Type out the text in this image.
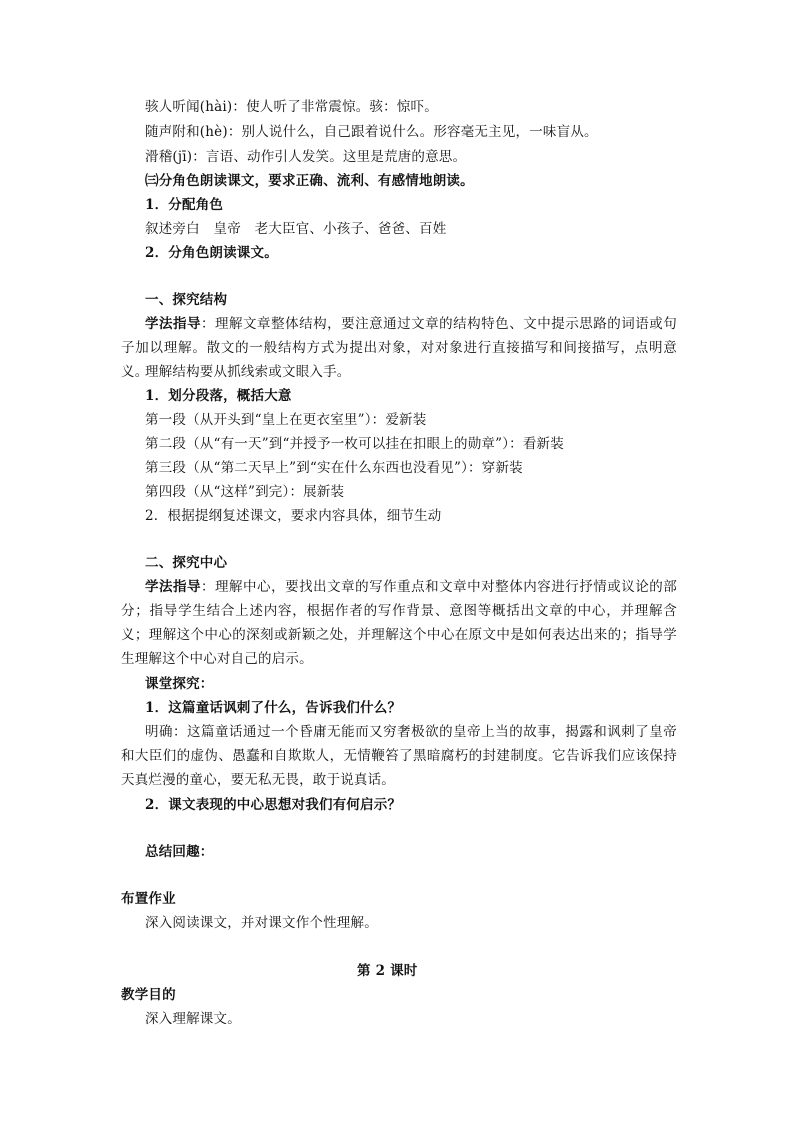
骇人听闻(hài)：使人听了非常震惊。骇：惊吓。
随声附和(hè)：别人说什么，自己跟着说什么。形容毫无主见，一味盲从。
滑稽(jī)：言语、动作引人发笑。这里是荒唐的意思。
㈢分角色朗读课文，要求正确、流利、有感情地朗读。
1．分配角色
叙述旁白　皇帝　老大臣官、小孩子、爸爸、百姓
2．分角色朗读课文。
一、探究结构
学法指导：理解文章整体结构，要注意通过文章的结构特色、文中提示思路的词语或句子加以理解。散文的一般结构方式为提出对象，对对象进行直接描写和间接描写，点明意义。
理解结构要从抓线索或文眼入手。
1．划分段落，概括大意
第一段（从开头到“皇上在更衣室里”）：爱新装
第二段（从“有一天”到“并授予一枚可以挂在扣眼上的勋章”）：看新装
第三段（从“第二天早上”到“实在什么东西也没看见”）：穿新装
第四段（从“这样”到完）：展新装
2．根据提纲复述课文，要求内容具体，细节生动
二、探究中心
学法指导：理解中心，要找出文章的写作重点和文章中对整体内容进行抒情或议论的部分；指导学生结合上述内容，根据作者的写作背景、意图等概括出文章的中心，并理解含义；理解这个中心的深刻或新颖之处，并理解这个中心在原文中是如何表达出来的；指导学生理解这个中心对自己的启示。
课堂探究：
1．这篇童话讽刺了什么，告诉我们什么？
明确：这篇童话通过一个昏庸无能而又穷奢极欲的皇帝上当的故事，揭露和讽刺了皇帝和大臣们的虚伪、愚蠢和自欺欺人，无情鞭笞了黑暗腐朽的封建制度。它告诉我们应该保持天真烂漫的童心，要无私无畏，敢于说真话。
2．课文表现的中心思想对我们有何启示？
总结回趣：
布置作业
深入阅读课文，并对课文作个性理解。
第 2 课时
教学目的
深入理解课文。
